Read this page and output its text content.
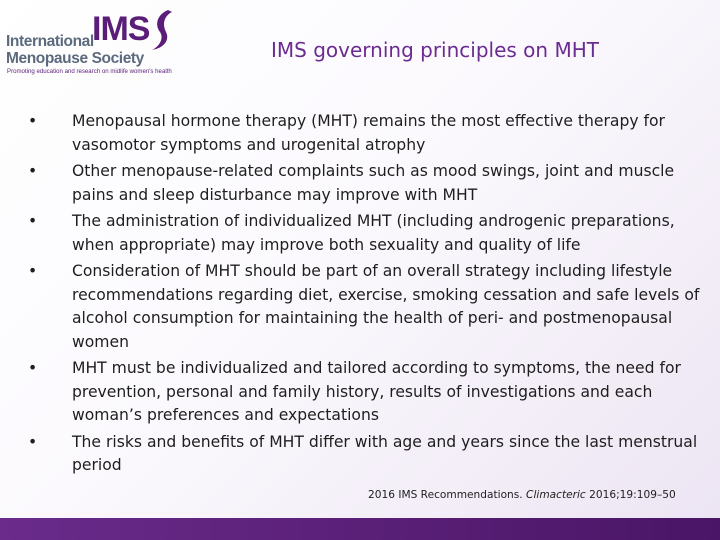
International
IMS
Menopause Society
Promoting education and research on midlife women's health
IMS governing principles on MHT
• Menopausal hormone therapy (MHT) remains the most effective therapy for vasomotor symptoms and urogenital atrophy
• Other menopause-related complaints such as mood swings, joint and muscle pains and sleep disturbance may improve with MHT
• The administration of individualized MHT (including androgenic preparations, when appropriate) may improve both sexuality and quality of life
• Consideration of MHT should be part of an overall strategy including lifestyle recommendations regarding diet, exercise, smoking cessation and safe levels of alcohol consumption for maintaining the health of peri- and postmenopausal women
• MHT must be individualized and tailored according to symptoms, the need for prevention, personal and family history, results of investigations and each woman’s preferences and expectations
• The risks and benefits of MHT differ with age and years since the last menstrual period
2016 IMS Recommendations. Climacteric 2016;19:109–50
